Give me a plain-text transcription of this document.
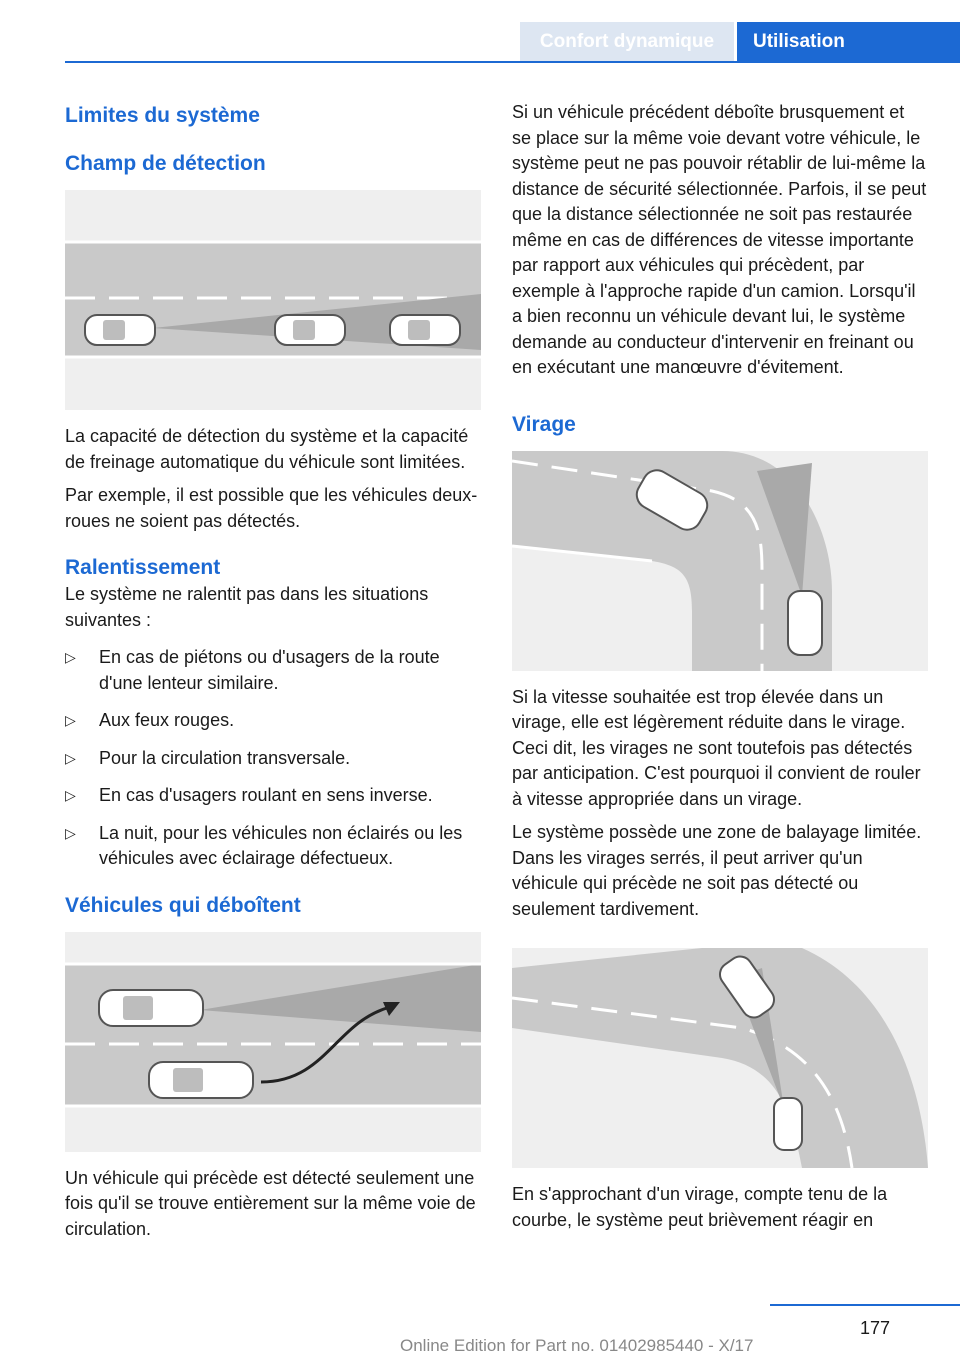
Confort dynamique	Utilisation
Limites du système
Champ de détection

La capacité de détection du système et la capacité de freinage automatique du véhicule sont limitées.

Par exemple, il est possible que les véhicules deux-roues ne soient pas détectés.

Ralentissement

Le système ne ralentit pas dans les situations suivantes :

▷ En cas de piétons ou d'usagers de la route d'une lenteur similaire.
▷ Aux feux rouges.
▷ Pour la circulation transversale.
▷ En cas d'usagers roulant en sens inverse.
▷ La nuit, pour les véhicules non éclairés ou les véhicules avec éclairage défectueux.
Véhicules qui déboîtent

Un véhicule qui précède est détecté seulement une fois qu'il se trouve entièrement sur la même voie de circulation.

Si un véhicule précédent déboîte brusquement et se place sur la même voie devant votre véhicule, le système peut ne pas pouvoir rétablir de lui-même la distance de sécurité sélectionnée. Parfois, il se peut que la distance sélectionnée ne soit pas restaurée même en cas de différences de vitesse importante par rapport aux véhicules qui précèdent, par exemple à l'approche rapide d'un camion. Lorsqu'il a bien reconnu un véhicule devant lui, le système demande au conducteur d'intervenir en freinant ou en exécutant une manœuvre d'évitement.

Virage

Si la vitesse souhaitée est trop élevée dans un virage, elle est légèrement réduite dans le virage. Ceci dit, les virages ne sont toutefois pas détectés par anticipation. C'est pourquoi il convient de rouler à vitesse appropriée dans un virage.

Le système possède une zone de balayage limitée. Dans les virages serrés, il peut arriver qu'un véhicule qui précède ne soit pas détecté ou seulement tardivement.

En s'approchant d'un virage, compte tenu de la courbe, le système peut brièvement réagir en

177
Online Edition for Part no. 01402985440 - X/17
